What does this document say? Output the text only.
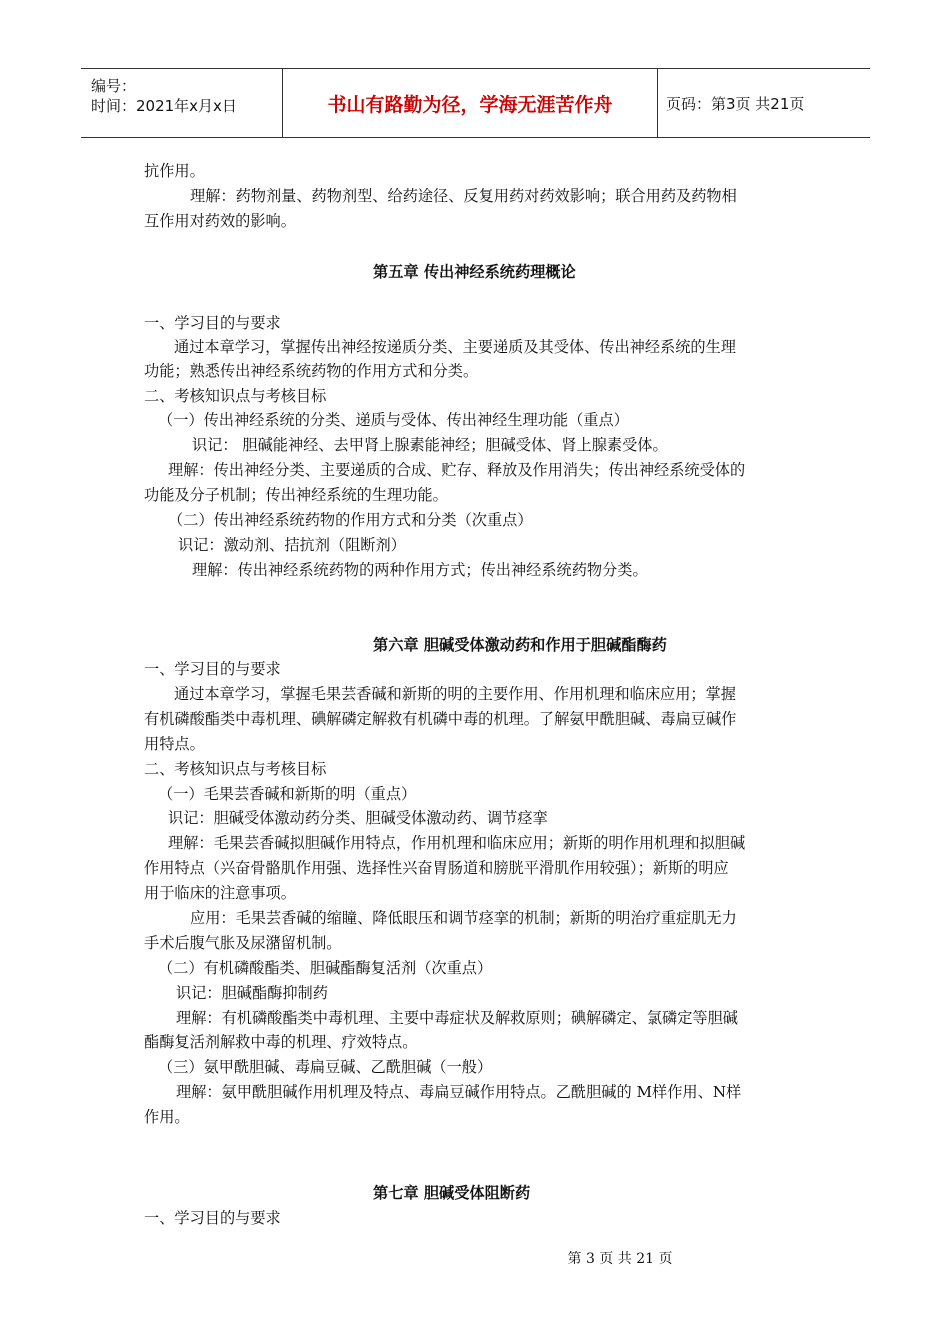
编号：
时间：2021年x月x日	书山有路勤为径，学海无涯苦作舟	页码：第3页 共21页
抗作用。
理解：药物剂量、药物剂型、给药途径、反复用药对药效影响；联合用药及药物相
互作用对药效的影响。
第五章 传出神经系统药理概论
一、学习目的与要求
通过本章学习，掌握传出神经按递质分类、主要递质及其受体、传出神经系统的生理
功能；熟悉传出神经系统药物的作用方式和分类。
二、考核知识点与考核目标
（一）传出神经系统的分类、递质与受体、传出神经生理功能（重点）
识记： 胆碱能神经、去甲肾上腺素能神经；胆碱受体、肾上腺素受体。
理解：传出神经分类、主要递质的合成、贮存、释放及作用消失；传出神经系统受体的
功能及分子机制；传出神经系统的生理功能。
（二）传出神经系统药物的作用方式和分类（次重点）
识记：激动剂、拮抗剂（阻断剂）
理解：传出神经系统药物的两种作用方式；传出神经系统药物分类。
第六章 胆碱受体激动药和作用于胆碱酯酶药
一、学习目的与要求
通过本章学习，掌握毛果芸香碱和新斯的明的主要作用、作用机理和临床应用；掌握
有机磷酸酯类中毒机理、碘解磷定解救有机磷中毒的机理。了解氨甲酰胆碱、毒扁豆碱作
用特点。
二、考核知识点与考核目标
（一）毛果芸香碱和新斯的明（重点）
识记：胆碱受体激动药分类、胆碱受体激动药、调节痉挛
理解：毛果芸香碱拟胆碱作用特点，作用机理和临床应用；新斯的明作用机理和拟胆碱
作用特点（兴奋骨骼肌作用强、选择性兴奋胃肠道和膀胱平滑肌作用较强）；新斯的明应
用于临床的注意事项。
应用：毛果芸香碱的缩瞳、降低眼压和调节痉挛的机制；新斯的明治疗重症肌无力
手术后腹气胀及尿潴留机制。
（二）有机磷酸酯类、胆碱酯酶复活剂（次重点）
识记：胆碱酯酶抑制药
理解：有机磷酸酯类中毒机理、主要中毒症状及解救原则；碘解磷定、氯磷定等胆碱
酯酶复活剂解救中毒的机理、疗效特点。
（三）氨甲酰胆碱、毒扁豆碱、乙酰胆碱（一般）
理解：氨甲酰胆碱作用机理及特点、毒扁豆碱作用特点。乙酰胆碱的 M样作用、N样
作用。
第七章 胆碱受体阻断药
一、学习目的与要求
第 3 页 共 21 页
